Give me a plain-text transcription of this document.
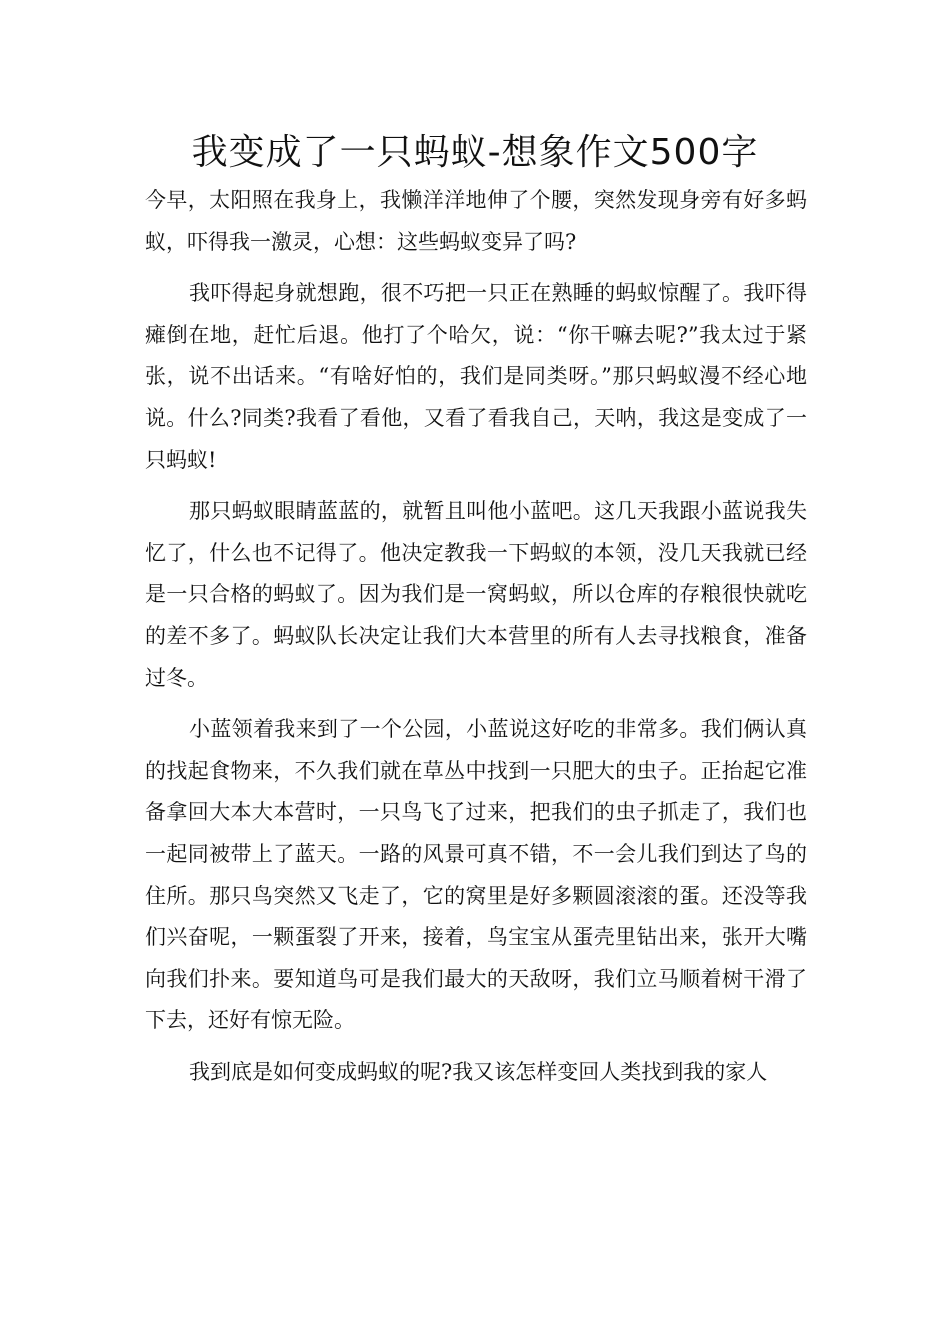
我变成了一只蚂蚁-想象作文500字

今早，太阳照在我身上，我懒洋洋地伸了个腰，突然发现身旁有好多蚂蚁，吓得我一激灵，心想：这些蚂蚁变异了吗?

我吓得起身就想跑，很不巧把一只正在熟睡的蚂蚁惊醒了。我吓得瘫倒在地，赶忙后退。他打了个哈欠，说：“你干嘛去呢?”我太过于紧张，说不出话来。“有啥好怕的，我们是同类呀。”那只蚂蚁漫不经心地说。什么?同类?我看了看他，又看了看我自己，天呐，我这是变成了一只蚂蚁!

那只蚂蚁眼睛蓝蓝的，就暂且叫他小蓝吧。这几天我跟小蓝说我失忆了，什么也不记得了。他决定教我一下蚂蚁的本领，没几天我就已经是一只合格的蚂蚁了。因为我们是一窝蚂蚁，所以仓库的存粮很快就吃的差不多了。蚂蚁队长决定让我们大本营里的所有人去寻找粮食，准备过冬。

小蓝领着我来到了一个公园，小蓝说这好吃的非常多。我们俩认真的找起食物来，不久我们就在草丛中找到一只肥大的虫子。正抬起它准备拿回大本大本营时，一只鸟飞了过来，把我们的虫子抓走了，我们也一起同被带上了蓝天。一路的风景可真不错，不一会儿我们到达了鸟的住所。那只鸟突然又飞走了，它的窝里是好多颗圆滚滚的蛋。还没等我们兴奋呢，一颗蛋裂了开来，接着，鸟宝宝从蛋壳里钻出来，张开大嘴向我们扑来。要知道鸟可是我们最大的天敌呀，我们立马顺着树干滑了下去，还好有惊无险。

我到底是如何变成蚂蚁的呢?我又该怎样变回人类找到我的家人
